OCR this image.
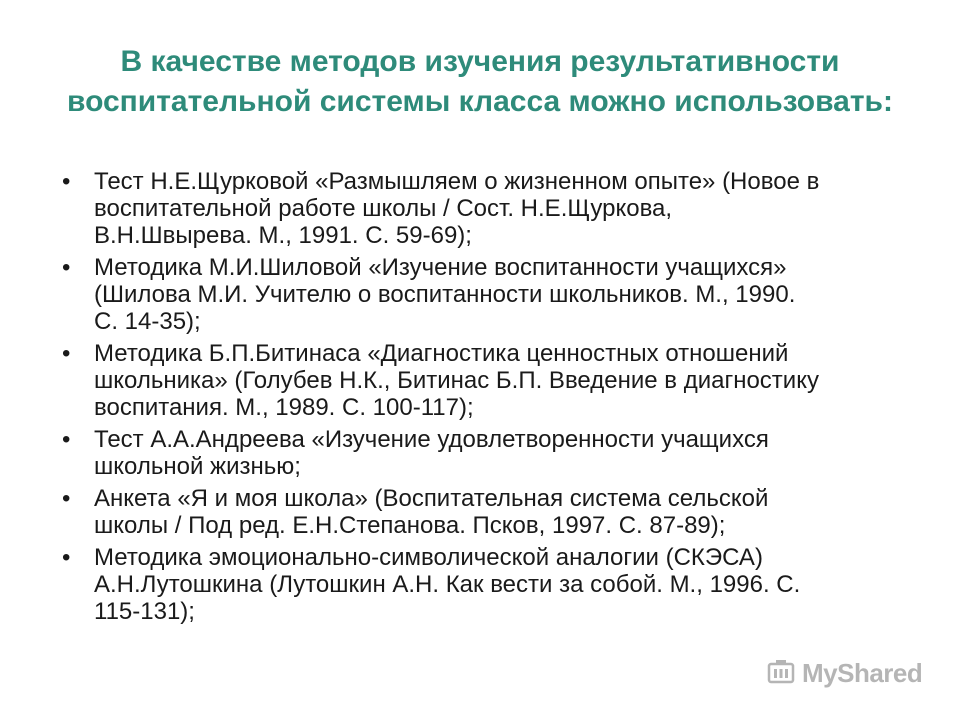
В качестве методов изучения результативности
воспитательной системы класса можно использовать:
• Тест Н.Е.Щурковой «Размышляем о жизненном опыте» (Новое в
воспитательной работе школы / Сост. Н.Е.Щуркова,
В.Н.Швырева. М., 1991. С. 59-69);
• Методика М.И.Шиловой «Изучение воспитанности учащихся»
(Шилова М.И. Учителю о воспитанности школьников. М., 1990.
С. 14-35);
• Методика Б.П.Битинаса «Диагностика ценностных отношений
школьника» (Голубев Н.К., Битинас Б.П. Введение в диагностику
воспитания. М., 1989. С. 100-117);
• Тест А.А.Андреева «Изучение удовлетворенности учащихся
школьной жизнью;
• Анкета «Я и моя школа» (Воспитательная система сельской
школы / Под ред. Е.Н.Степанова. Псков, 1997. С. 87-89);
• Методика эмоционально-символической аналогии (СКЭСА)
А.Н.Лутошкина (Лутошкин А.Н. Как вести за собой. М., 1996. С.
115-131);
MyShared
